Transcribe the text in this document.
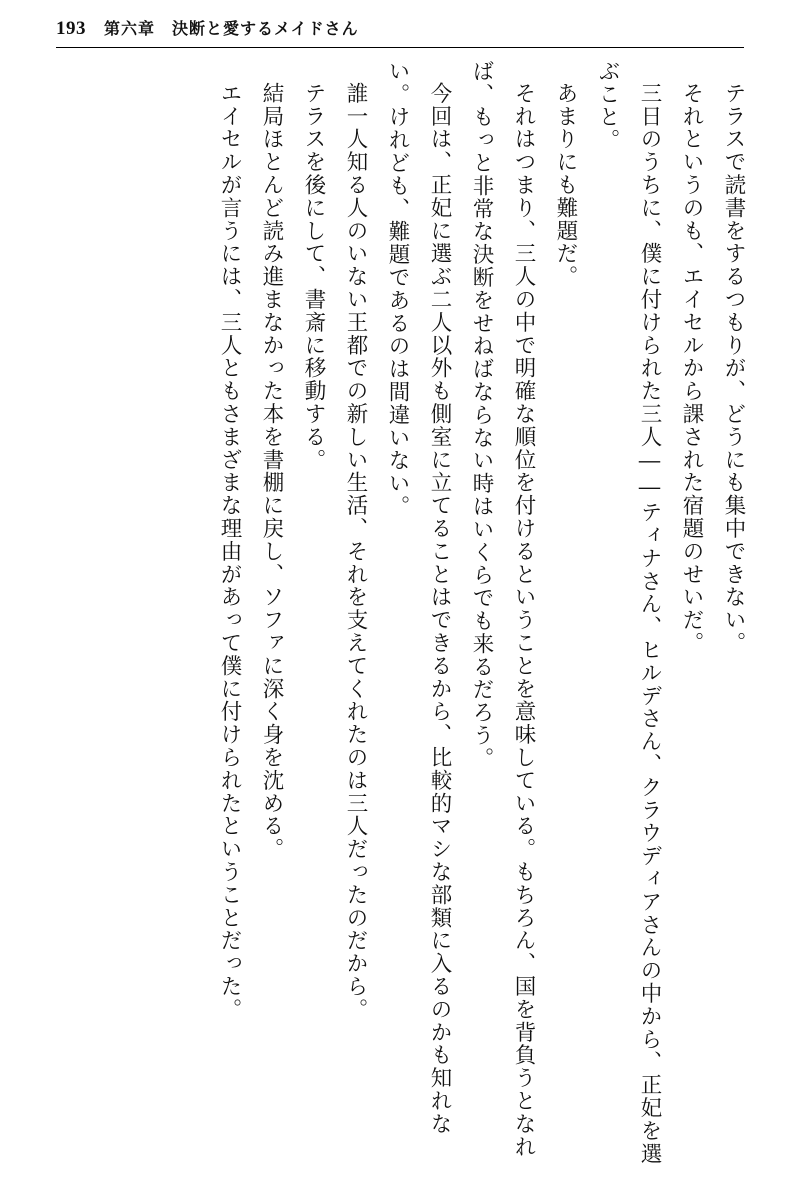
193 第六章　決断と愛するメイドさん

テラスで読書をするつもりが、どうにも集中できない。

それというのも、エイセルから課された宿題のせいだ。

三日のうちに、僕に付けられた三人――ティナさん、ヒルデさん、クラウディアさんの中から、正妃を選ぶこと。

あまりにも難題だ。

それはつまり、三人の中で明確な順位を付けるということを意味している。もちろん、国を背負うとなれば、もっと非常な決断をせねばならない時はいくらでも来るだろう。

今回は、正妃に選ぶ二人以外も側室に立てることはできるから、比較的マシな部類に入るのかも知れない。けれども、難題であるのは間違いない。

誰一人知る人のいない王都での新しい生活、それを支えてくれたのは三人だったのだから。

テラスを後にして、書斎に移動する。

結局ほとんど読み進まなかった本を書棚に戻し、ソファに深く身を沈める。

エイセルが言うには、三人ともさまざまな理由があって僕に付けられたということだった。
